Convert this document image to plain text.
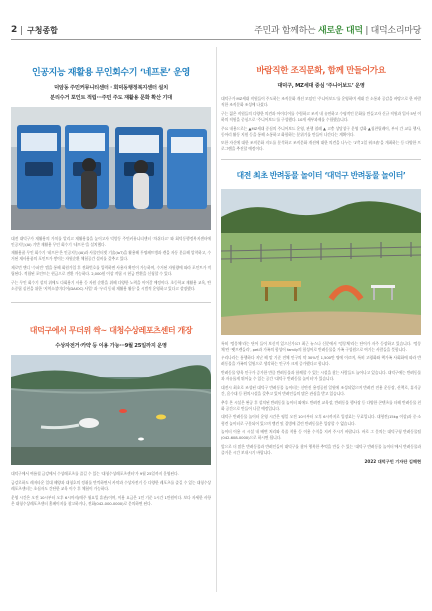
2 구청종합	주민과 함께하는 새로운 대덕 | 대덕소리마당
인공지능 재활용 무인회수기 ‘네프론’ 운영
덕암동 주민커뮤니티센터 · 회덕동행정복지센터 설치
분리수거 포인트 적립···주민 주도 재활용 문화 확산 기대

대전 대덕구가 재활용의 가치를 알리고 재활용률을 높이고자 덕암동 주민커뮤니티센터 ‘차쉬다고’ 와 회덕동행정복지센터에 인공지능(AI) 기반 재활용 무인 회수기 ‘네프론’을 설치했다.

재활용품 무인 회수기 ‘네프론’은 인공지능(AI)과 사물인터넷 기술(IoT)을 활용해 투명페트병과 캔을 자동 분류해 압착하고, 수거된 재사용품의 포인트가 쌓이는 자원순환 체험공간 설비를 갖추고 있다.

제로먼 앤디 ‘수퍼빈’ 앱을 통해 회원가입 후 전화번호를 입력하면 사용자 확인이 가능하며, 수거된 자원량에 따라 포인트가 적립된다. 적립된 포인트는 현금으로 전환 가능하다. 2,000원 이상 적립 시 현금 반환을 신청할 수 있다.

구는 무인 회수기 설치 위에도 다회용기 사용 등 자원 순환을 위해 다양한 노력을 이어갈 예정이다. 초등학교 재활용 교육, 탄소중립 실천을 위한 ‘지역소셜미디어(DAIOC) 사업’ 과 ‘우리 동네 재활용 활동’을 시범적 운영하고 있다고 설명했다.

대덕구에서 무더위 싹~ 대청수상레포츠센터 개장
수상자전거·카약 등 이용 가능···9월 25일까지 운영

대덕구에서 여름철 금강에서 수상레포츠를 즐길 수 있는 ‘대청수상레포츠센터’가 9월 25일까지 운영된다.

금강로하도 레저타운 일대 해양과 대청호의 정취를 만끽하면서 카약과 수상자전거 등 다양한 레포츠를 즐길 수 있는 대청수상레포츠센터는 초심자도 간단한 교육 이수 후 체험이 가능하다.

운영 시간은 오전 10시부터 오후 6시까지(매주 월요일 휴관)이며, 이용 요금은 1인 기준 1시간 1만원이다. 보다 자세한 사항은 대청수상레포츠센터 홈페이지를 참고하거나, 전화(042-000-0000)로 문의하면 된다.

바람직한 조직문화, 함께 만들어가요
대덕구, MZ세대 중심 ‘주니어보드’ 운영

대덕구가 MZ세대 직원들이 주도하는 조직문화 개선 모임인 ‘주니어보드’를 운영하며 세대 간 소통과 공감을 바탕으로 한 바람직한 조직문화 조성에 나섰다.

구는 젊은 직원들의 다양한 의견과 아이디어를 수렴하고 조직 내 유연하고 수평적인 문화를 만들고자 신규 직원과 입사 5년 이하의 직원을 중심으로 ‘주니어보드’를 구성했다. 10개 세부과제를 수립했습니다.

주요 내용으로는 ▲MZ세대 중심의 주니어보드 운영, 관행 철폐 ▲ 고충 상담창구 운영 강화 ▲칭찬릴레이, 부서 간 교류 행사, 동아리 활동 지원 등을 통해 소통하고 화합하는 분위기를 만들어 나간다는 계획이다.

또한 자신에 대한 조직문화 지도를 분석하고 조직문화 개선에 대한 의견을 나누는 ‘1박 2일 워크숍’을 개최하는 등 다양한 프로그램을 추진할 예정이다.

대전 최초 반려동물 놀이터 ‘대덕구 반려동물 놀이터’

특히 ‘멍뭉체’라는 단어 들어 보신적 있으신가요? 최근 뉴스나 신문에서 ‘멍뭉체’라는 단어가 자주 등장하고 있습니다. ‘멍뭉체’란 ‘펫프렌들리’, pet과 가족의 합성어 family의 합성어로 반려동물을 가족 구성원으로 여기는 사람들을 뜻합니다.

우리나라는 통행하다 지난 해 말 기준 전체 인구의 약 30%인 1,500만 명에 이르며, 특히 고령화와 핵가족 사회화에 따라 반려동물을 가족의 일원으로 생각하는 인구가 크게 증가했다고 합니다.

반려동물 양육 인구가 증가한 만큼 반려동물과 함께할 수 있는 시설을 찾는 사람들도 늘어나고 있습니다. 대덕구에는 반려동물과 자유롭게 뛰어놀 수 있는 공간 ‘대덕구 반려동물 놀이터’가 있습니다.

대전시 최초로 조성된 대덕구 반려동물 놀이터는 신탄진 용정공원 일원에 조성되었으며 반려견 전용 운동장, 산책로, 휴식공간, 음수대 등 편의시설을 갖추고 있어 반려인들의 많은 관심을 받고 있습니다.

추후 본 시설은 완공 후 설치된 반려동물 놀이터 외에도 반려견 교육장, 반려동물 행사장 등 다양한 콘텐츠를 더해 반려동물 친화 공간으로 만들어 나갈 예정입니다.

대덕구 반려동물 놀이터 운영 시간은 평일 오전 10시부터 오후 6시까지로 입장료는 무료입니다. 대형견(15kg 이상)과 중·소형견 놀이터로 구분되어 있으며 맹견 및 질병에 걸린 반려동물은 입장할 수 없습니다.

놀이터 이용 시 시설 내 배변 처리와 목줄 착용 등 이용 수칙을 지켜 주시기 바랍니다. 바로 그 문의는 대덕구청 반려동물팀(042-608-0000)으로 하시면 됩니다.

앞으로 더 많은 반려동물과 반려인들이 대덕구를 찾아 행복한 추억을 만들 수 있는 ‘대덕구 반려동물 놀이터’에서 반려동물과 즐거운 시간 보내시기 바랍니다.

2022 대덕구민 기자단 김해현
